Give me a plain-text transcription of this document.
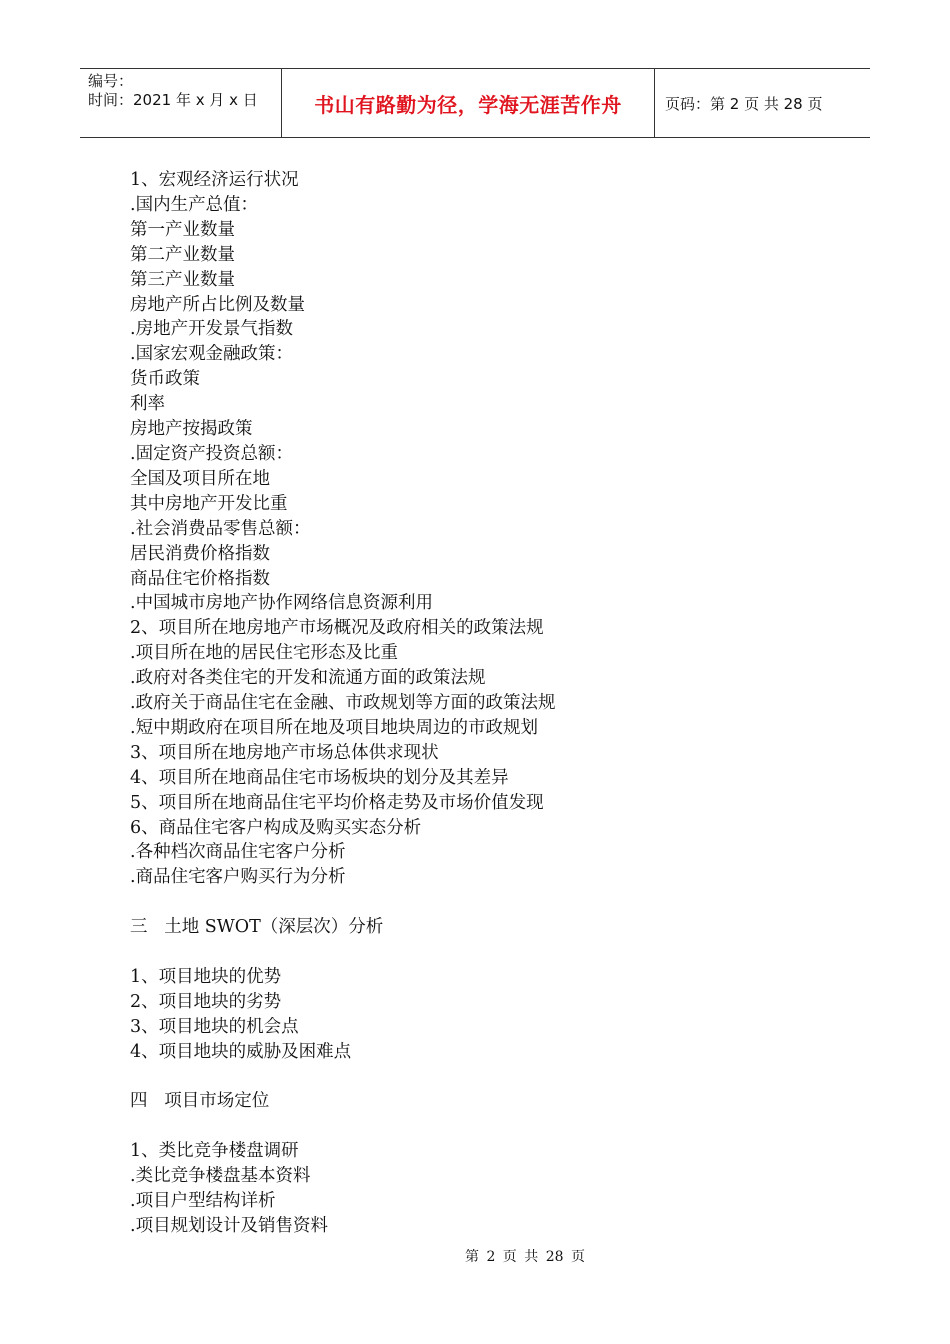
编号：
时间：2021 年 x 月 x 日	书山有路勤为径，学海无涯苦作舟	页码：第 2 页 共 28 页
1、宏观经济运行状况
.国内生产总值：
第一产业数量
第二产业数量
第三产业数量
房地产所占比例及数量
.房地产开发景气指数
.国家宏观金融政策：
货币政策
利率
房地产按揭政策
.固定资产投资总额：
全国及项目所在地
其中房地产开发比重
.社会消费品零售总额：
居民消费价格指数
商品住宅价格指数
.中国城市房地产协作网络信息资源利用
2、项目所在地房地产市场概况及政府相关的政策法规
.项目所在地的居民住宅形态及比重
.政府对各类住宅的开发和流通方面的政策法规
.政府关于商品住宅在金融、市政规划等方面的政策法规
.短中期政府在项目所在地及项目地块周边的市政规划
3、项目所在地房地产市场总体供求现状
4、项目所在地商品住宅市场板块的划分及其差异
5、项目所在地商品住宅平均价格走势及市场价值发现
6、商品住宅客户构成及购买实态分析
.各种档次商品住宅客户分析
.商品住宅客户购买行为分析
三   土地 SWOT（深层次）分析
1、项目地块的优势
2、项目地块的劣势
3、项目地块的机会点
4、项目地块的威胁及困难点
四   项目市场定位
1、类比竞争楼盘调研
.类比竞争楼盘基本资料
.项目户型结构详析
.项目规划设计及销售资料
第 2 页 共 28 页
